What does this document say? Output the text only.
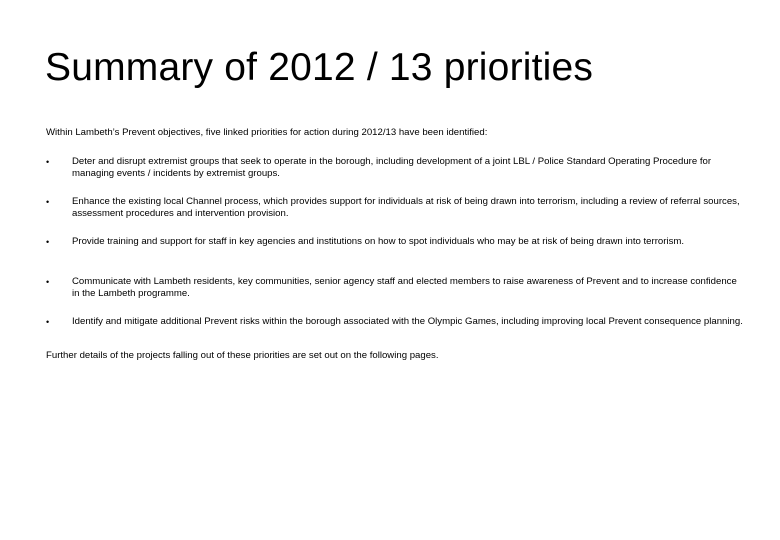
Summary of 2012 / 13 priorities

Within Lambeth’s Prevent objectives, five linked priorities for action during 2012/13 have been identified:

• Deter and disrupt extremist groups that seek to operate in the borough, including development of a joint LBL / Police Standard Operating Procedure for managing events / incidents by extremist groups.
• Enhance the existing local Channel process, which provides support for individuals at risk of being drawn into terrorism, including a review of referral sources, assessment procedures and intervention provision.
• Provide training and support for staff in key agencies and institutions on how to spot individuals who may be at risk of being drawn into terrorism.
• Communicate with Lambeth residents, key communities, senior agency staff and elected members to raise awareness of Prevent and to increase confidence in the Lambeth programme.
• Identify and mitigate additional Prevent risks within the borough associated with the Olympic Games, including improving local Prevent consequence planning.

Further details of the projects falling out of these priorities are set out on the following pages.
